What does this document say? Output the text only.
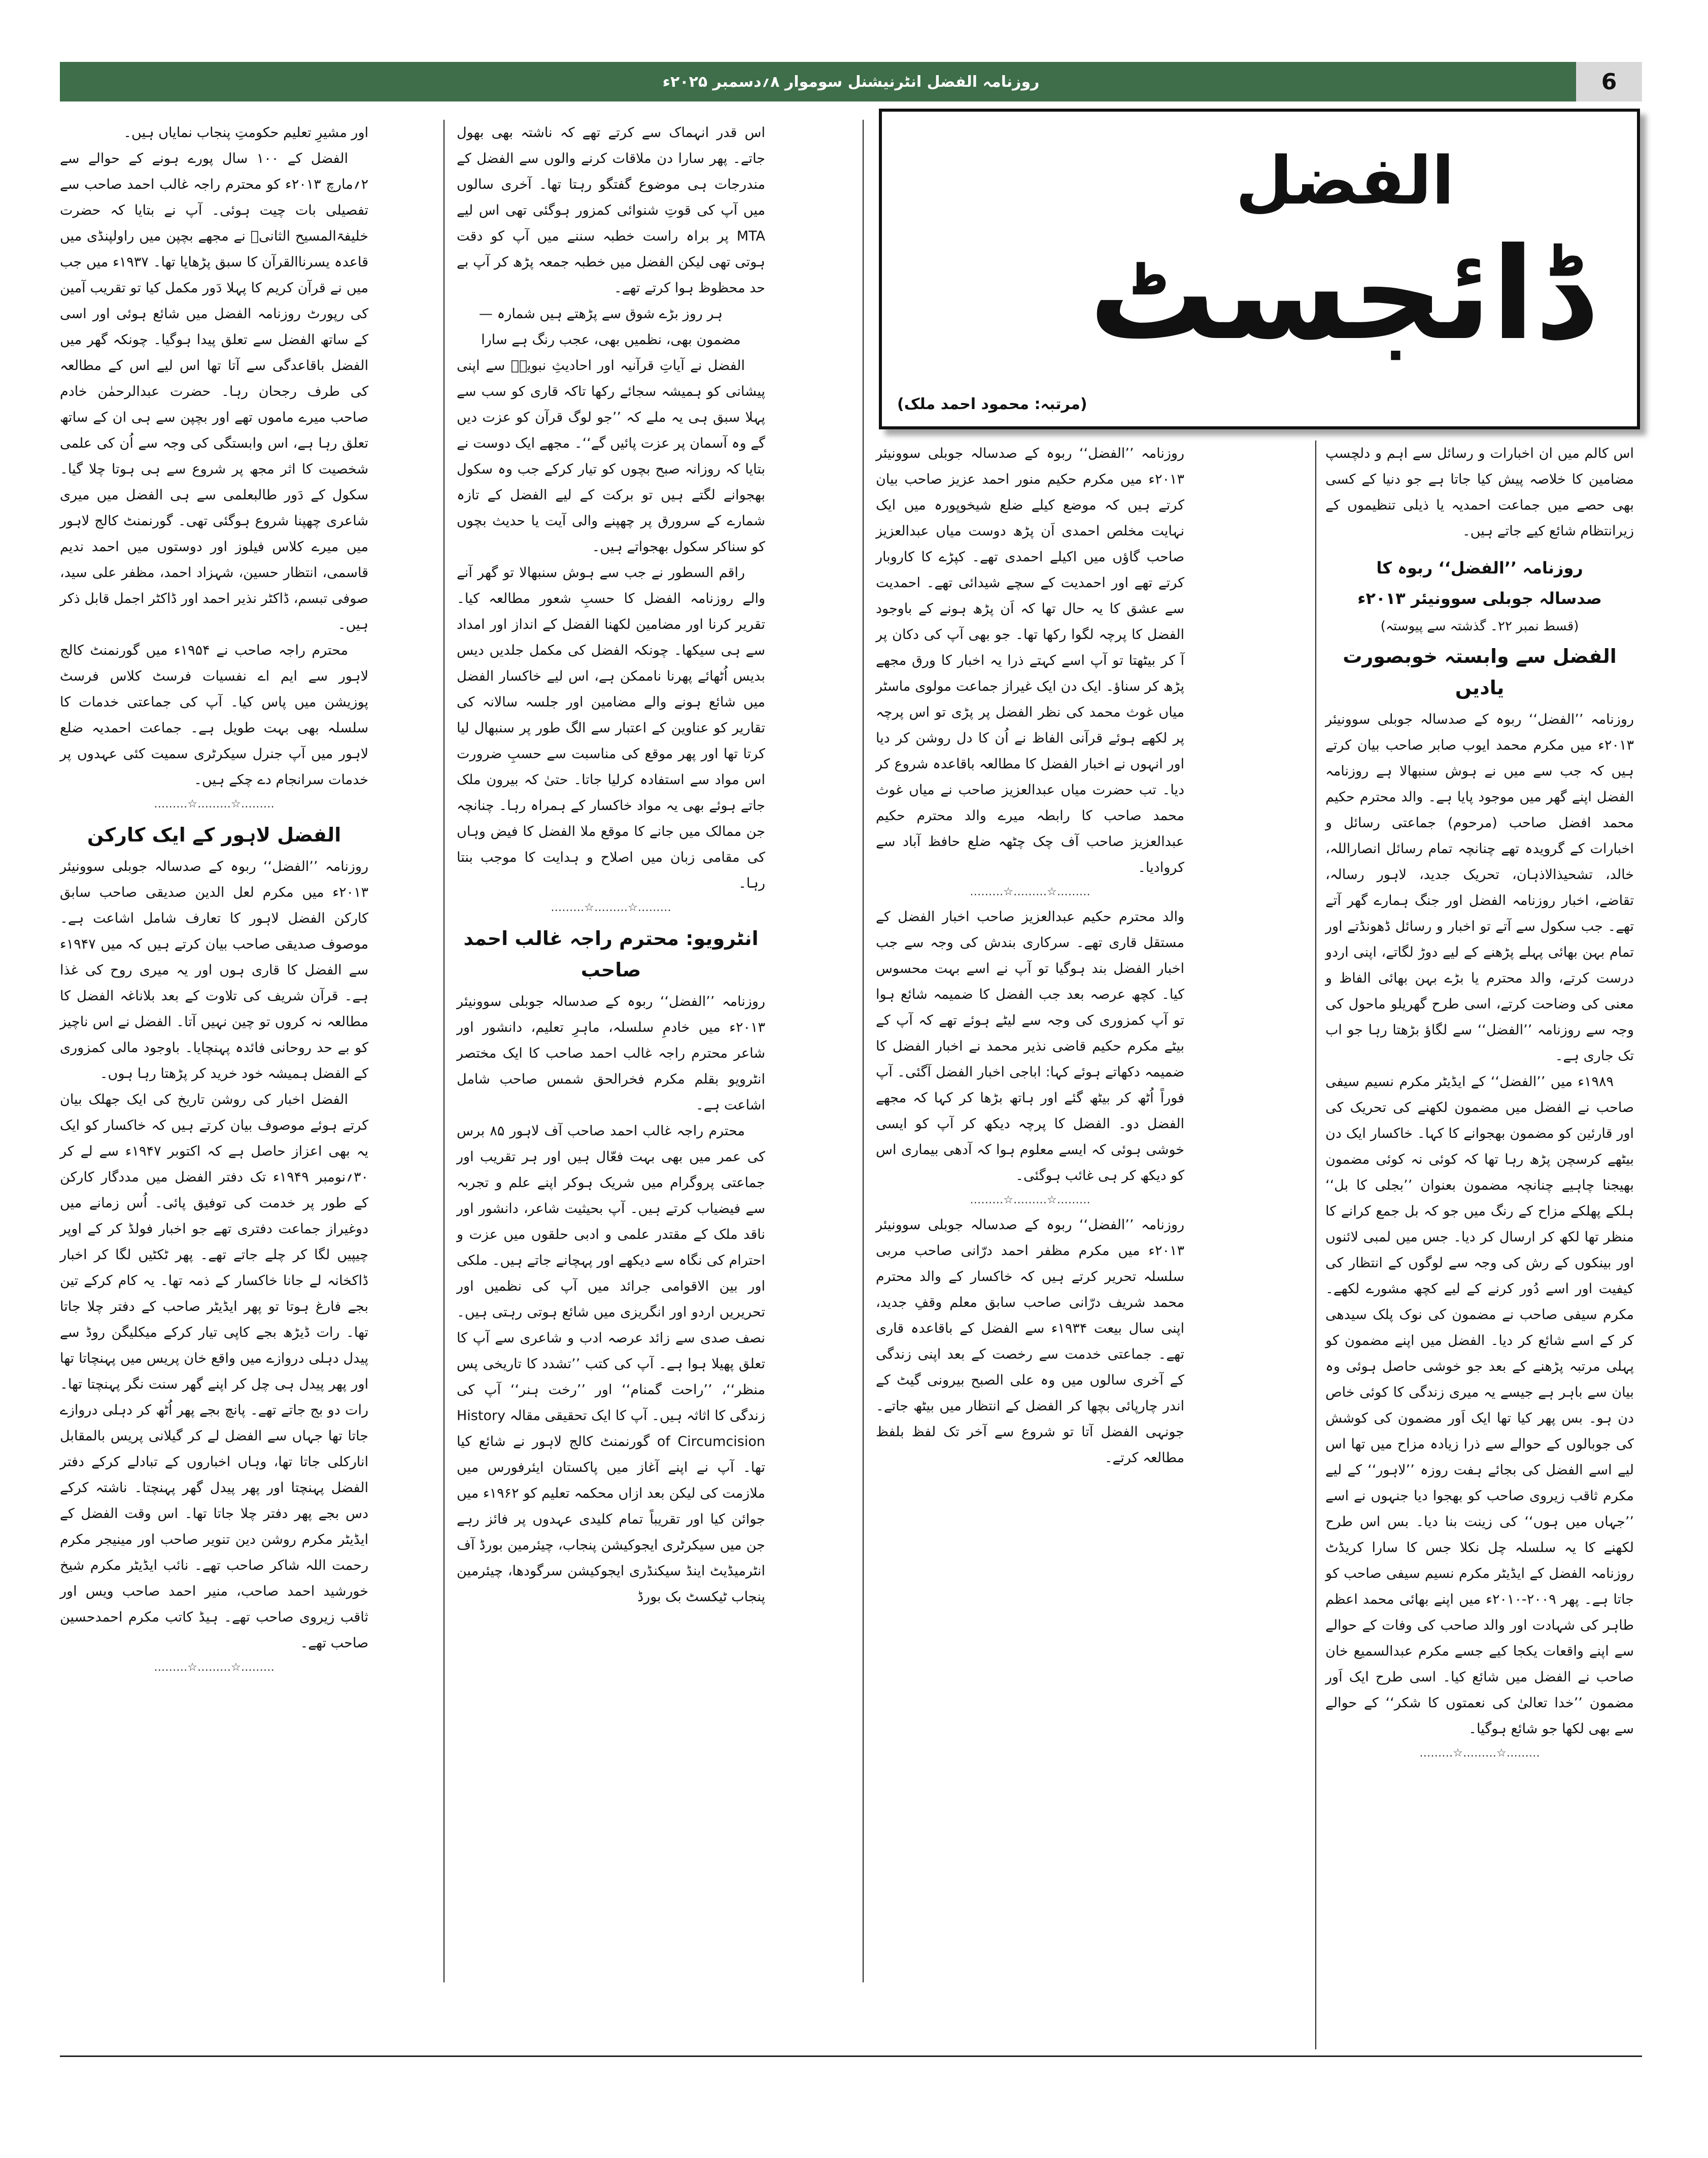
روزنامہ الفضل انٹرنیشنل سوموار ۸؍دسمبر ۲۰۲۵ء	6
الفضل
ڈائجسٹ
(مرتبہ: محمود احمد ملک)

اس کالم میں ان اخبارات و رسائل سے اہم و دلچسپ مضامین کا خلاصہ پیش کیا جاتا ہے جو دنیا کے کسی بھی حصے میں جماعت احمدیہ یا ذیلی تنظیموں کے زیرانتظام شائع کیے جاتے ہیں۔

روزنامہ ’’الفضل‘‘ ربوہ کا
صدسالہ جوبلی سوونیئر ۲۰۱۳ء
(قسط نمبر ۲۲۔ گذشتہ سے پیوستہ)
الفضل سے وابستہ خوبصورت یادیں

روزنامہ ’’الفضل‘‘ ربوہ کے صدسالہ جوبلی سوونیئر ۲۰۱۳ء میں مکرم محمد ایوب صابر صاحب بیان کرتے ہیں کہ جب سے میں نے ہوش سنبھالا ہے روزنامہ الفضل اپنے گھر میں موجود پایا ہے۔ والد محترم حکیم محمد افضل صاحب (مرحوم) جماعتی رسائل و اخبارات کے گرویدہ تھے چنانچہ تمام رسائل انصاراللہ، خالد، تشحیذالاذہان، تحریک جدید، لاہور رسالہ، تقاضے، اخبار روزنامہ الفضل اور جنگ ہمارے گھر آتے تھے۔ جب سکول سے آتے تو اخبار و رسائل ڈھونڈتے اور تمام بہن بھائی پہلے پڑھنے کے لیے دوڑ لگاتے، اپنی اردو درست کرتے، والد محترم یا بڑے بہن بھائی الفاظ و معنی کی وضاحت کرتے، اسی طرح گھریلو ماحول کی وجہ سے روزنامہ ’’الفضل‘‘ سے لگاؤ بڑھتا رہا جو اب تک جاری ہے۔

۱۹۸۹ء میں ’’الفضل‘‘ کے ایڈیٹر مکرم نسیم سیفی صاحب نے الفضل میں مضمون لکھنے کی تحریک کی اور قارئین کو مضمون بھجوانے کا کہا۔ خاکسار ایک دن بیٹھے کرسچن پڑھ رہا تھا کہ کوئی نہ کوئی مضمون بھیجنا چاہیے چنانچہ مضمون بعنوان ’’بجلی کا بل‘‘ ہلکے پھلکے مزاح کے رنگ میں جو کہ بل جمع کرانے کا منظر تھا لکھ کر ارسال کر دیا۔ جس میں لمبی لائنوں اور بینکوں کے رش کی وجہ سے لوگوں کے انتظار کی کیفیت اور اسے دُور کرنے کے لیے کچھ مشورے لکھے۔ مکرم سیفی صاحب نے مضمون کی نوک پلک سیدھی کر کے اسے شائع کر دیا۔ الفضل میں اپنے مضمون کو پہلی مرتبہ پڑھنے کے بعد جو خوشی حاصل ہوئی وہ بیان سے باہر ہے جیسے یہ میری زندگی کا کوئی خاص دن ہو۔ بس پھر کیا تھا ایک اَور مضمون کی کوشش کی جوبالوں کے حوالے سے ذرا زیادہ مزاح میں تھا اس لیے اسے الفضل کی بجائے ہفت روزہ ’’لاہور‘‘ کے لیے مکرم ثاقب زیروی صاحب کو بھجوا دیا جنہوں نے اسے ’’جہاں میں ہوں‘‘ کی زینت بنا دیا۔ بس اس طرح لکھنے کا یہ سلسلہ چل نکلا جس کا سارا کریڈٹ روزنامہ الفضل کے ایڈیٹر مکرم نسیم سیفی صاحب کو جاتا ہے۔ پھر ۲۰۰۹-۲۰۱۰ء میں اپنے بھائی محمد اعظم طاہر کی شہادت اور والد صاحب کی وفات کے حوالے سے اپنے واقعات یکجا کیے جسے مکرم عبدالسمیع خان صاحب نے الفضل میں شائع کیا۔ اسی طرح ایک اَور مضمون ’’خدا تعالیٰ کی نعمتوں کا شکر‘‘ کے حوالے سے بھی لکھا جو شائع ہوگیا۔

………☆………☆………

روزنامہ ’’الفضل‘‘ ربوہ کے صدسالہ جوبلی سوونیئر ۲۰۱۳ء میں مکرم حکیم منور احمد عزیز صاحب بیان کرتے ہیں کہ موضع کیلے ضلع شیخوپورہ میں ایک نہایت مخلص احمدی اَن پڑھ دوست میاں عبدالعزیز صاحب گاؤں میں اکیلے احمدی تھے۔ کپڑے کا کاروبار کرتے تھے اور احمدیت کے سچے شیدائی تھے۔ احمدیت سے عشق کا یہ حال تھا کہ اَن پڑھ ہونے کے باوجود الفضل کا پرچہ لگوا رکھا تھا۔ جو بھی آپ کی دکان پر آ کر بیٹھتا تو آپ اسے کہتے ذرا یہ اخبار کا ورق مجھے پڑھ کر سناؤ۔ ایک دن ایک غیراز جماعت مولوی ماسٹر میاں غوث محمد کی نظر الفضل پر پڑی تو اس پرچہ پر لکھے ہوئے قرآنی الفاظ نے اُن کا دل روشن کر دیا اور انہوں نے اخبار الفضل کا مطالعہ باقاعدہ شروع کر دیا۔ تب حضرت میاں عبدالعزیز صاحب نے میاں غوث محمد صاحب کا رابطہ میرے والد محترم حکیم عبدالعزیز صاحب آف چک چٹھہ ضلع حافظ آباد سے کروادیا۔

………☆………☆………

والد محترم حکیم عبدالعزیز صاحب اخبار الفضل کے مستقل قاری تھے۔ سرکاری بندش کی وجہ سے جب اخبار الفضل بند ہوگیا تو آپ نے اسے بہت محسوس کیا۔ کچھ عرصہ بعد جب الفضل کا ضمیمہ شائع ہوا تو آپ کمزوری کی وجہ سے لیٹے ہوئے تھے کہ آپ کے بیٹے مکرم حکیم قاضی نذیر محمد نے اخبار الفضل کا ضمیمہ دکھاتے ہوئے کہا: اباجی اخبار الفضل آگئی۔ آپ فوراً اُٹھ کر بیٹھ گئے اور ہاتھ بڑھا کر کہا کہ مجھے الفضل دو۔ الفضل کا پرچہ دیکھ کر آپ کو ایسی خوشی ہوئی کہ ایسے معلوم ہوا کہ آدھی بیماری اس کو دیکھ کر ہی غائب ہوگئی۔

………☆………☆………

روزنامہ ’’الفضل‘‘ ربوہ کے صدسالہ جوبلی سوونیئر ۲۰۱۳ء میں مکرم مظفر احمد درّانی صاحب مربی سلسلہ تحریر کرتے ہیں کہ خاکسار کے والد محترم محمد شریف درّانی صاحب سابق معلم وقفِ جدید، اپنی سال بیعت ۱۹۳۴ء سے الفضل کے باقاعدہ قاری تھے۔ جماعتی خدمت سے رخصت کے بعد اپنی زندگی کے آخری سالوں میں وہ علی الصبح بیرونی گیٹ کے اندر چارپائی بچھا کر الفضل کے انتظار میں بیٹھ جاتے۔ جونہی الفضل آتا تو شروع سے آخر تک لفظ بلفظ مطالعہ کرتے۔

اس قدر انہماک سے کرتے تھے کہ ناشتہ بھی بھول جاتے۔ پھر سارا دن ملاقات کرنے والوں سے الفضل کے مندرجات ہی موضوع گفتگو رہتا تھا۔ آخری سالوں میں آپ کی قوتِ شنوائی کمزور ہوگئی تھی اس لیے MTA پر براہ راست خطبہ سننے میں آپ کو دقت ہوتی تھی لیکن الفضل میں خطبہ جمعہ پڑھ کر آپ بے حد محظوظ ہوا کرتے تھے۔

ہر روز بڑے شوق سے پڑھتے ہیں شمارہ — مضمون بھی، نظمیں بھی، عجب رنگ ہے سارا

الفضل نے آیاتِ قرآنیہ اور احادیثِ نبویہؐ سے اپنی پیشانی کو ہمیشہ سجائے رکھا تاکہ قاری کو سب سے پہلا سبق ہی یہ ملے کہ ’’جو لوگ قرآن کو عزت دیں گے وہ آسمان پر عزت پائیں گے‘‘۔ مجھے ایک دوست نے بتایا کہ روزانہ صبح بچوں کو تیار کرکے جب وہ سکول بھجوانے لگتے ہیں تو برکت کے لیے الفضل کے تازہ شمارے کے سرورق پر چھپنے والی آیت یا حدیث بچوں کو سناکر سکول بھجواتے ہیں۔

راقم السطور نے جب سے ہوش سنبھالا تو گھر آنے والے روزنامہ الفضل کا حسبِ شعور مطالعہ کیا۔ تقریر کرنا اور مضامین لکھنا الفضل کے انداز اور امداد سے ہی سیکھا۔ چونکہ الفضل کی مکمل جلدیں دیس بدیس اُٹھائے پھرنا ناممکن ہے، اس لیے خاکسار الفضل میں شائع ہونے والے مضامین اور جلسہ سالانہ کی تقاریر کو عناوین کے اعتبار سے الگ طور پر سنبھال لیا کرتا تھا اور پھر موقع کی مناسبت سے حسبِ ضرورت اس مواد سے استفادہ کرلیا جاتا۔ حتیٰ کہ بیرون ملک جاتے ہوئے بھی یہ مواد خاکسار کے ہمراہ رہا۔ چنانچہ جن ممالک میں جانے کا موقع ملا الفضل کا فیض وہاں کی مقامی زبان میں اصلاح و ہدایت کا موجب بنتا رہا۔

………☆………☆………
انٹرویو: محترم راجہ غالب احمد صاحب

روزنامہ ’’الفضل‘‘ ربوہ کے صدسالہ جوبلی سوونیئر ۲۰۱۳ء میں خادمِ سلسلہ، ماہرِ تعلیم، دانشور اور شاعر محترم راجہ غالب احمد صاحب کا ایک مختصر انٹرویو بقلم مکرم فخرالحق شمس صاحب شامل اشاعت ہے۔

محترم راجہ غالب احمد صاحب آف لاہور ۸۵ برس کی عمر میں بھی بہت فعّال ہیں اور ہر تقریب اور جماعتی پروگرام میں شریک ہوکر اپنے علم و تجربہ سے فیضیاب کرتے ہیں۔ آپ بحیثیت شاعر، دانشور اور ناقد ملک کے مقتدر علمی و ادبی حلقوں میں عزت و احترام کی نگاہ سے دیکھے اور پہچانے جاتے ہیں۔ ملکی اور بین الاقوامی جرائد میں آپ کی نظمیں اور تحریریں اردو اور انگریزی میں شائع ہوتی رہتی ہیں۔ نصف صدی سے زائد عرصہ ادب و شاعری سے آپ کا تعلق پھیلا ہوا ہے۔ آپ کی کتب ’’تشدد کا تاریخی پس منظر‘‘، ’’راحت گمنام‘‘ اور ’’رخت ہنر‘‘ آپ کی زندگی کا اثاثہ ہیں۔ آپ کا ایک تحقیقی مقالہ History of Circumcision گورنمنٹ کالج لاہور نے شائع کیا تھا۔ آپ نے اپنے آغاز میں پاکستان ایئرفورس میں ملازمت کی لیکن بعد ازاں محکمہ تعلیم کو ۱۹۶۲ء میں جوائن کیا اور تقریباً تمام کلیدی عہدوں پر فائز رہے جن میں سیکرٹری ایجوکیشن پنجاب، چیئرمین بورڈ آف انٹرمیڈیٹ اینڈ سیکنڈری ایجوکیشن سرگودھا، چیئرمین پنجاب ٹیکسٹ بک بورڈ

اور مشیرِ تعلیم حکومتِ پنجاب نمایاں ہیں۔

الفضل کے ۱۰۰ سال پورے ہونے کے حوالے سے ۲؍مارچ ۲۰۱۳ء کو محترم راجہ غالب احمد صاحب سے تفصیلی بات چیت ہوئی۔ آپ نے بتایا کہ حضرت خلیفۃالمسیح الثانیؓ نے مجھے بچپن میں راولپنڈی میں قاعدہ یسرناالقرآن کا سبق پڑھایا تھا۔ ۱۹۳۷ء میں جب میں نے قرآن کریم کا پہلا دَور مکمل کیا تو تقریب آمین کی رپورٹ روزنامہ الفضل میں شائع ہوئی اور اسی کے ساتھ الفضل سے تعلق پیدا ہوگیا۔ چونکہ گھر میں الفضل باقاعدگی سے آتا تھا اس لیے اس کے مطالعہ کی طرف رجحان رہا۔ حضرت عبدالرحمٰن خادم صاحب میرے ماموں تھے اور بچپن سے ہی ان کے ساتھ تعلق رہا ہے، اس وابستگی کی وجہ سے اُن کی علمی شخصیت کا اثر مجھ پر شروع سے ہی ہوتا چلا گیا۔ سکول کے دَور طالبعلمی سے ہی الفضل میں میری شاعری چھپنا شروع ہوگئی تھی۔ گورنمنٹ کالج لاہور میں میرے کلاس فیلوز اور دوستوں میں احمد ندیم قاسمی، انتظار حسین، شہزاد احمد، مظفر علی سید، صوفی تبسم، ڈاکٹر نذیر احمد اور ڈاکٹر اجمل قابل ذکر ہیں۔

محترم راجہ صاحب نے ۱۹۵۴ء میں گورنمنٹ کالج لاہور سے ایم اے نفسیات فرسٹ کلاس فرسٹ پوزیشن میں پاس کیا۔ آپ کی جماعتی خدمات کا سلسلہ بھی بہت طویل ہے۔ جماعت احمدیہ ضلع لاہور میں آپ جنرل سیکرٹری سمیت کئی عہدوں پر خدمات سرانجام دے چکے ہیں۔

………☆………☆………
الفضل لاہور کے ایک کارکن

روزنامہ ’’الفضل‘‘ ربوہ کے صدسالہ جوبلی سوونیئر ۲۰۱۳ء میں مکرم لعل الدین صدیقی صاحب سابق کارکن الفضل لاہور کا تعارف شامل اشاعت ہے۔ موصوف صدیقی صاحب بیان کرتے ہیں کہ میں ۱۹۴۷ء سے الفضل کا قاری ہوں اور یہ میری روح کی غذا ہے۔ قرآن شریف کی تلاوت کے بعد بلاناغہ الفضل کا مطالعہ نہ کروں تو چین نہیں آتا۔ الفضل نے اس ناچیز کو بے حد روحانی فائدہ پہنچایا۔ باوجود مالی کمزوری کے الفضل ہمیشہ خود خرید کر پڑھتا رہا ہوں۔

الفضل اخبار کی روشن تاریخ کی ایک جھلک بیان کرتے ہوئے موصوف بیان کرتے ہیں کہ خاکسار کو ایک یہ بھی اعزاز حاصل ہے کہ اکتوبر ۱۹۴۷ء سے لے کر ۳۰؍نومبر ۱۹۴۹ء تک دفتر الفضل میں مددگار کارکن کے طور پر خدمت کی توفیق پائی۔ اُس زمانے میں دوغیراز جماعت دفتری تھے جو اخبار فولڈ کر کے اوپر چیپیں لگا کر چلے جاتے تھے۔ پھر ٹکٹیں لگا کر اخبار ڈاکخانہ لے جانا خاکسار کے ذمہ تھا۔ یہ کام کرکے تین بجے فارغ ہوتا تو پھر ایڈیٹر صاحب کے دفتر چلا جاتا تھا۔ رات ڈیڑھ بجے کاپی تیار کرکے میکلیگن روڈ سے پیدل دہلی دروازے میں واقع خان پریس میں پہنچاتا تھا اور پھر پیدل ہی چل کر اپنے گھر سنت نگر پہنچتا تھا۔ رات دو بج جاتے تھے۔ پانچ بجے پھر اُٹھ کر دہلی دروازے جاتا تھا جہاں سے الفضل لے کر گیلانی پریس بالمقابل انارکلی جاتا تھا، وہاں اخباروں کے تبادلے کرکے دفتر الفضل پہنچتا اور پھر پیدل گھر پہنچتا۔ ناشتہ کرکے دس بجے پھر دفتر چلا جاتا تھا۔ اس وقت الفضل کے ایڈیٹر مکرم روشن دین تنویر صاحب اور مینیجر مکرم رحمت اللہ شاکر صاحب تھے۔ نائب ایڈیٹر مکرم شیخ خورشید احمد صاحب، منیر احمد صاحب ویس اور ثاقب زیروی صاحب تھے۔ ہیڈ کاتب مکرم احمدحسین صاحب تھے۔

………☆………☆………
